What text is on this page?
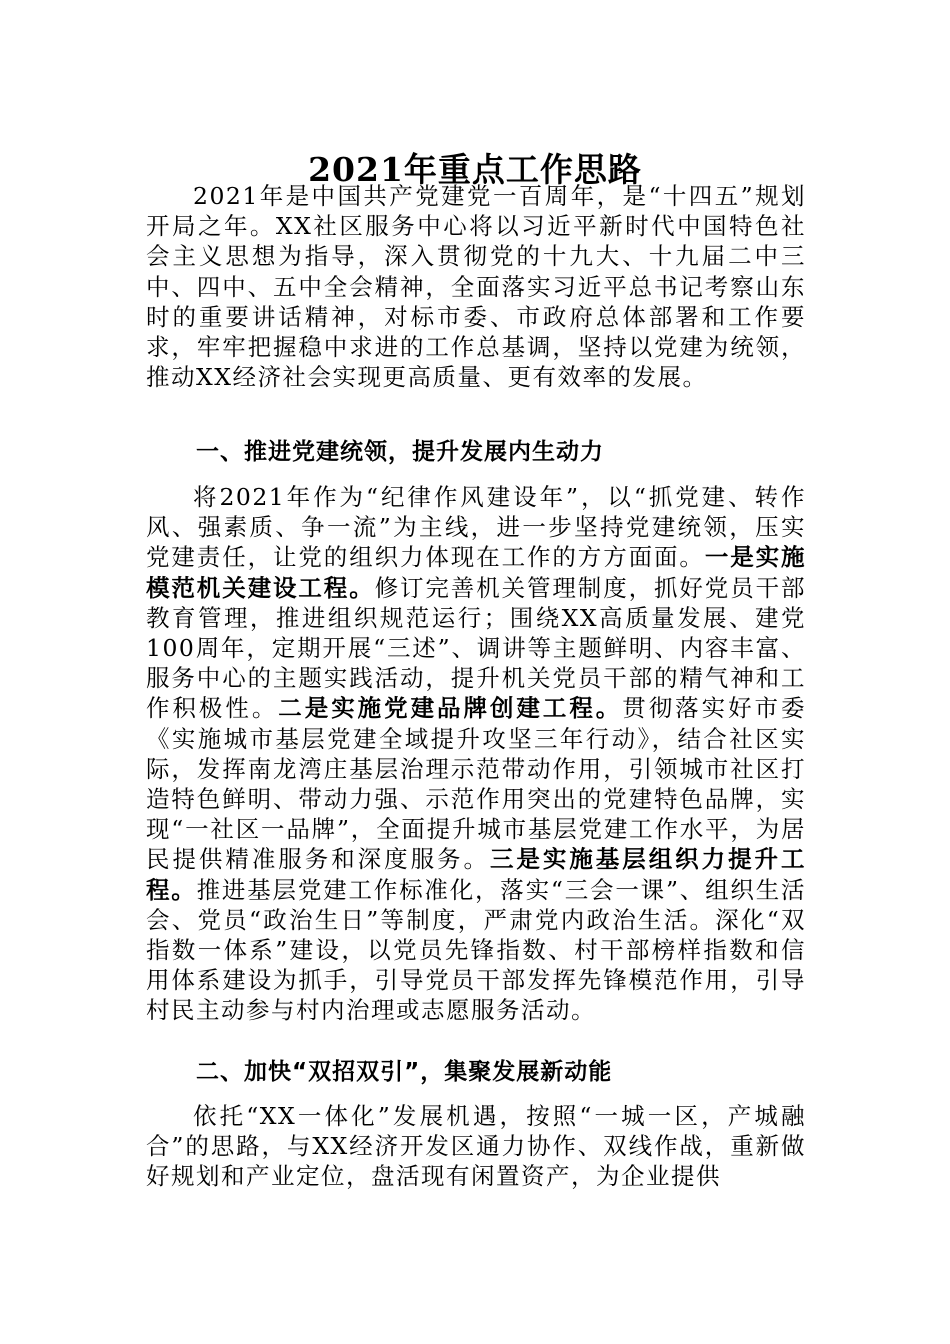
2021年重点工作思路

2021年是中国共产党建党一百周年，是“十四五”规划开局之年。XX社区服务中心将以习近平新时代中国特色社会主义思想为指导，深入贯彻党的十九大、十九届二中三中、四中、五中全会精神，全面落实习近平总书记考察山东时的重要讲话精神，对标市委、市政府总体部署和工作要求，牢牢把握稳中求进的工作总基调，坚持以党建为统领，推动XX经济社会实现更高质量、更有效率的发展。

一、推进党建统领，提升发展内生动力

将2021年作为“纪律作风建设年”，以“抓党建、转作风、强素质、争一流”为主线，进一步坚持党建统领，压实党建责任，让党的组织力体现在工作的方方面面。一是实施模范机关建设工程。修订完善机关管理制度，抓好党员干部教育管理，推进组织规范运行；围绕XX高质量发展、建党100周年，定期开展“三述”、调讲等主题鲜明、内容丰富、服务中心的主题实践活动，提升机关党员干部的精气神和工作积极性。二是实施党建品牌创建工程。贯彻落实好市委《实施城市基层党建全域提升攻坚三年行动》，结合社区实际，发挥南龙湾庄基层治理示范带动作用，引领城市社区打造特色鲜明、带动力强、示范作用突出的党建特色品牌，实现“一社区一品牌”，全面提升城市基层党建工作水平，为居民提供精准服务和深度服务。三是实施基层组织力提升工程。推进基层党建工作标准化，落实“三会一课”、组织生活会、党员“政治生日”等制度，严肃党内政治生活。深化“双指数一体系”建设，以党员先锋指数、村干部榜样指数和信用体系建设为抓手，引导党员干部发挥先锋模范作用，引导村民主动参与村内治理或志愿服务活动。

二、加快“双招双引”，集聚发展新动能

依托“XX一体化”发展机遇，按照“一城一区，产城融合”的思路，与XX经济开发区通力协作、双线作战，重新做好规划和产业定位，盘活现有闲置资产，为企业提供
